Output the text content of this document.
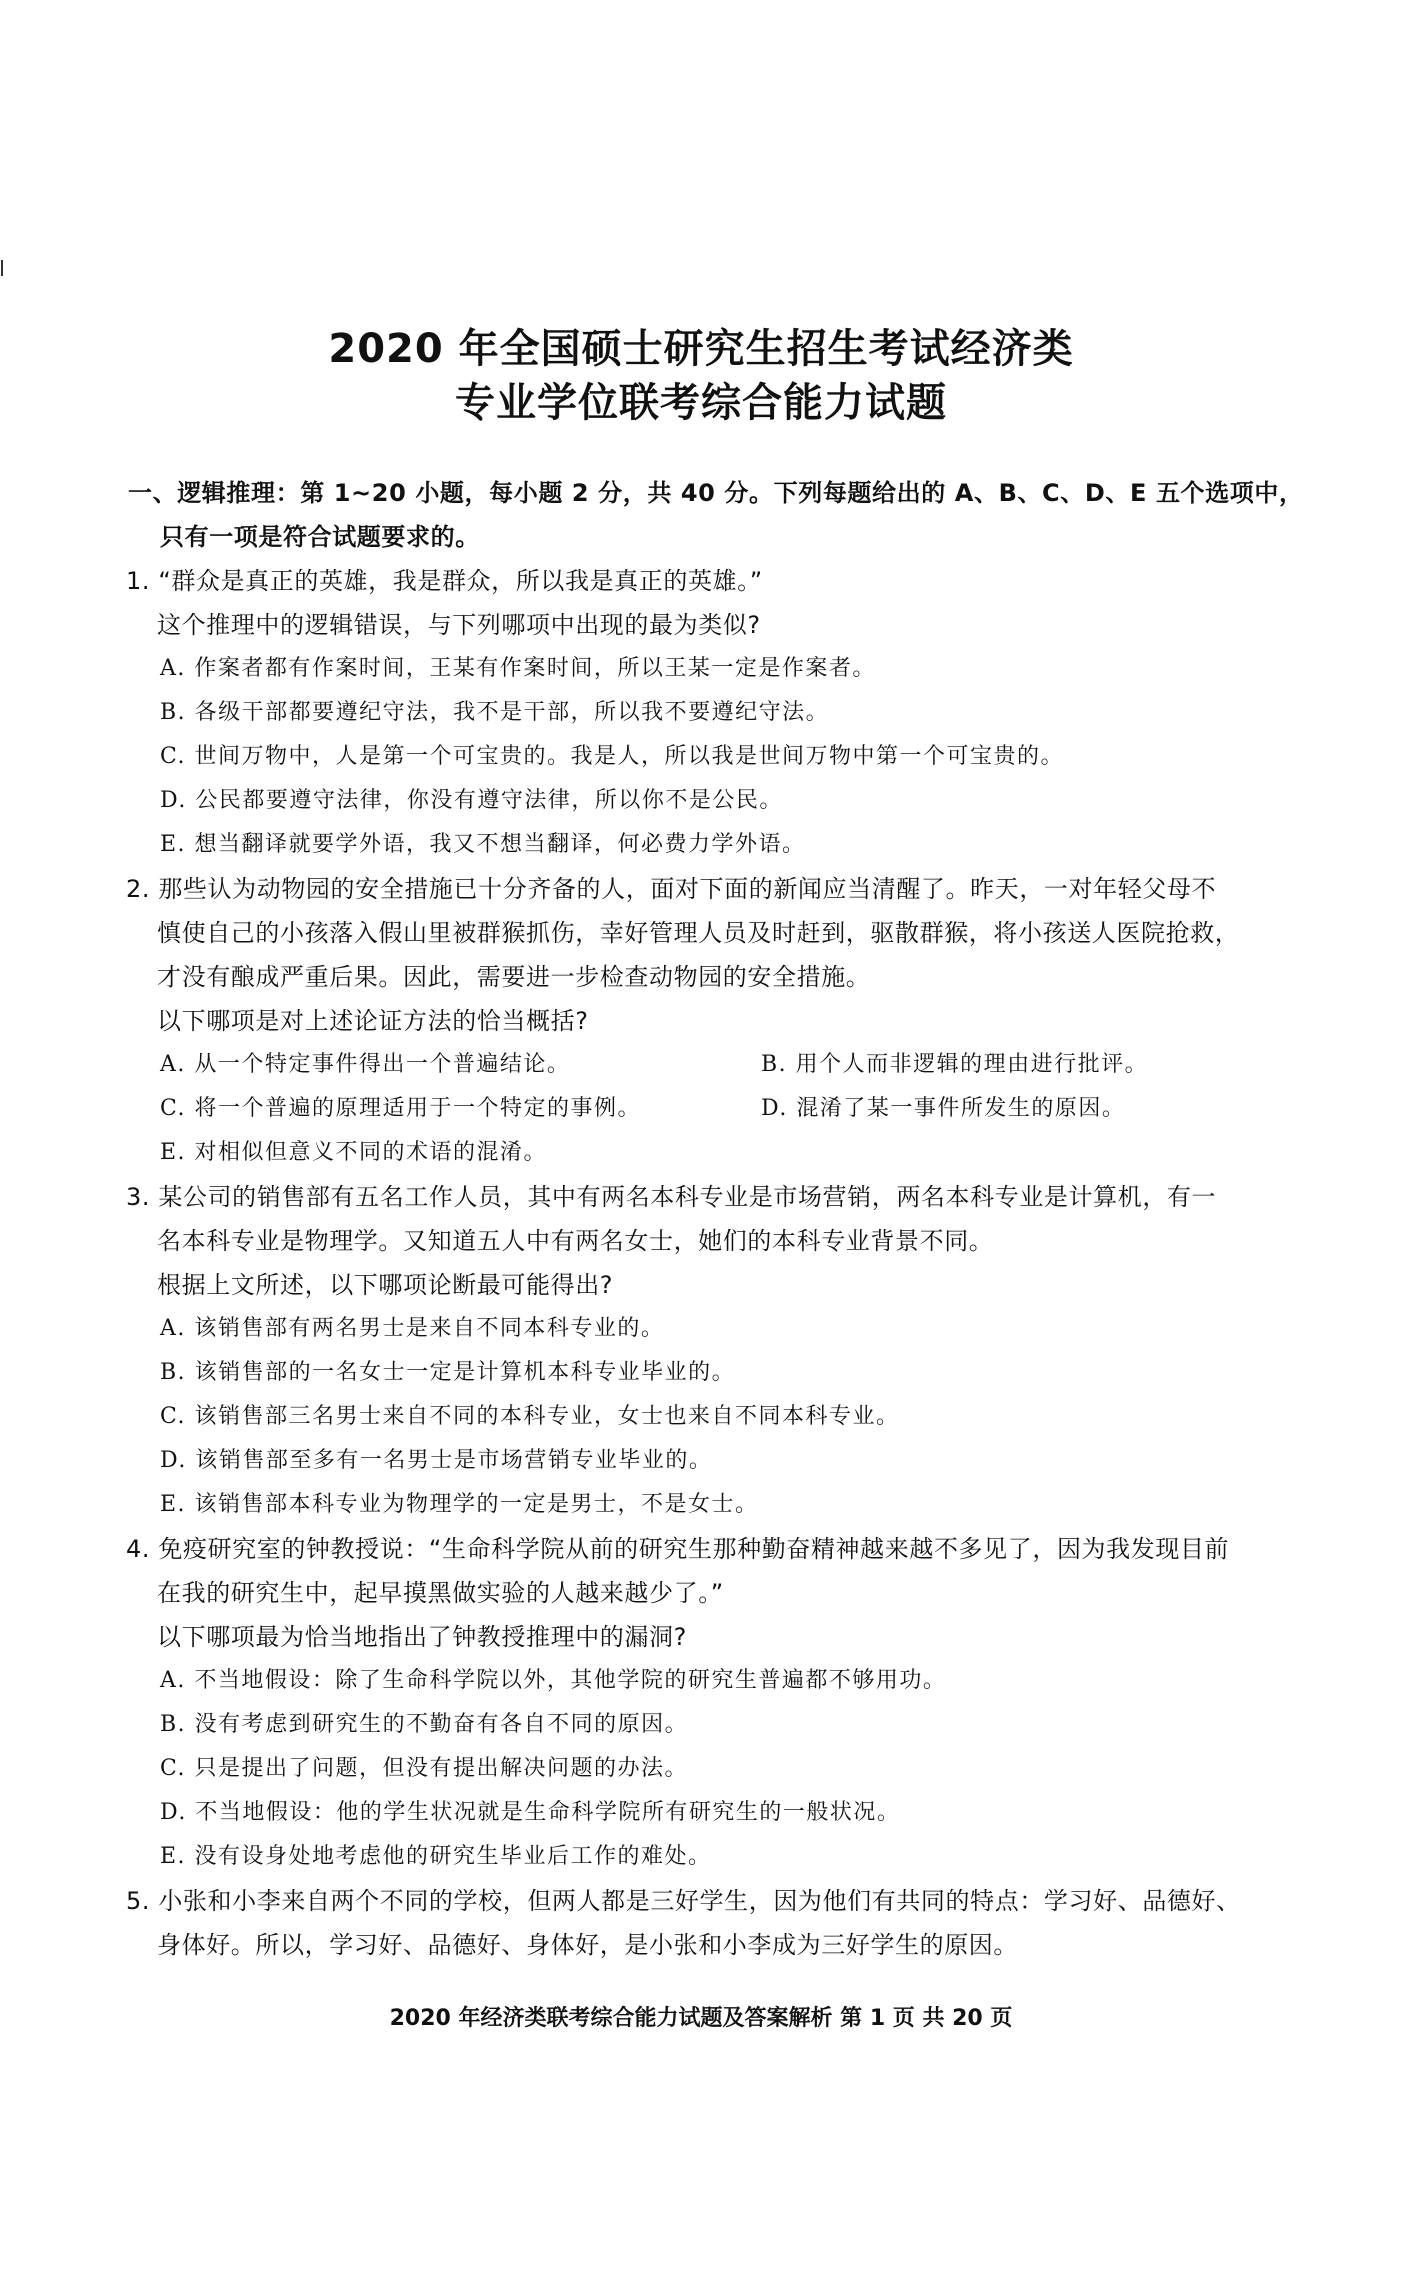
2020 年全国硕士研究生招生考试经济类
专业学位联考综合能力试题
一、逻辑推理：第 1~20 小题，每小题 2 分，共 40 分。下列每题给出的 A、B、C、D、E 五个选项中，
只有一项是符合试题要求的。
1. “群众是真正的英雄，我是群众，所以我是真正的英雄。”
这个推理中的逻辑错误，与下列哪项中出现的最为类似?
A. 作案者都有作案时间，王某有作案时间，所以王某一定是作案者。
B. 各级干部都要遵纪守法，我不是干部，所以我不要遵纪守法。
C. 世间万物中，人是第一个可宝贵的。我是人，所以我是世间万物中第一个可宝贵的。
D. 公民都要遵守法律，你没有遵守法律，所以你不是公民。
E. 想当翻译就要学外语，我又不想当翻译，何必费力学外语。
2. 那些认为动物园的安全措施已十分齐备的人，面对下面的新闻应当清醒了。昨天，一对年轻父母不
慎使自己的小孩落入假山里被群猴抓伤，幸好管理人员及时赶到，驱散群猴，将小孩送人医院抢救，
才没有酿成严重后果。因此，需要进一步检查动物园的安全措施。
以下哪项是对上述论证方法的恰当概括?
A. 从一个特定事件得出一个普遍结论。	B. 用个人而非逻辑的理由进行批评。
C. 将一个普遍的原理适用于一个特定的事例。	D. 混淆了某一事件所发生的原因。
E. 对相似但意义不同的术语的混淆。
3. 某公司的销售部有五名工作人员，其中有两名本科专业是市场营销，两名本科专业是计算机，有一
名本科专业是物理学。又知道五人中有两名女士，她们的本科专业背景不同。
根据上文所述，以下哪项论断最可能得出?
A. 该销售部有两名男士是来自不同本科专业的。
B. 该销售部的一名女士一定是计算机本科专业毕业的。
C. 该销售部三名男士来自不同的本科专业，女士也来自不同本科专业。
D. 该销售部至多有一名男士是市场营销专业毕业的。
E. 该销售部本科专业为物理学的一定是男士，不是女士。
4. 免疫研究室的钟教授说：“生命科学院从前的研究生那种勤奋精神越来越不多见了，因为我发现目前
在我的研究生中，起早摸黑做实验的人越来越少了。”
以下哪项最为恰当地指出了钟教授推理中的漏洞?
A. 不当地假设：除了生命科学院以外，其他学院的研究生普遍都不够用功。
B. 没有考虑到研究生的不勤奋有各自不同的原因。
C. 只是提出了问题，但没有提出解决问题的办法。
D. 不当地假设：他的学生状况就是生命科学院所有研究生的一般状况。
E. 没有设身处地考虑他的研究生毕业后工作的难处。
5. 小张和小李来自两个不同的学校，但两人都是三好学生，因为他们有共同的特点：学习好、品德好、
身体好。所以，学习好、品德好、身体好，是小张和小李成为三好学生的原因。
2020 年经济类联考综合能力试题及答案解析 第 1 页 共 20 页
